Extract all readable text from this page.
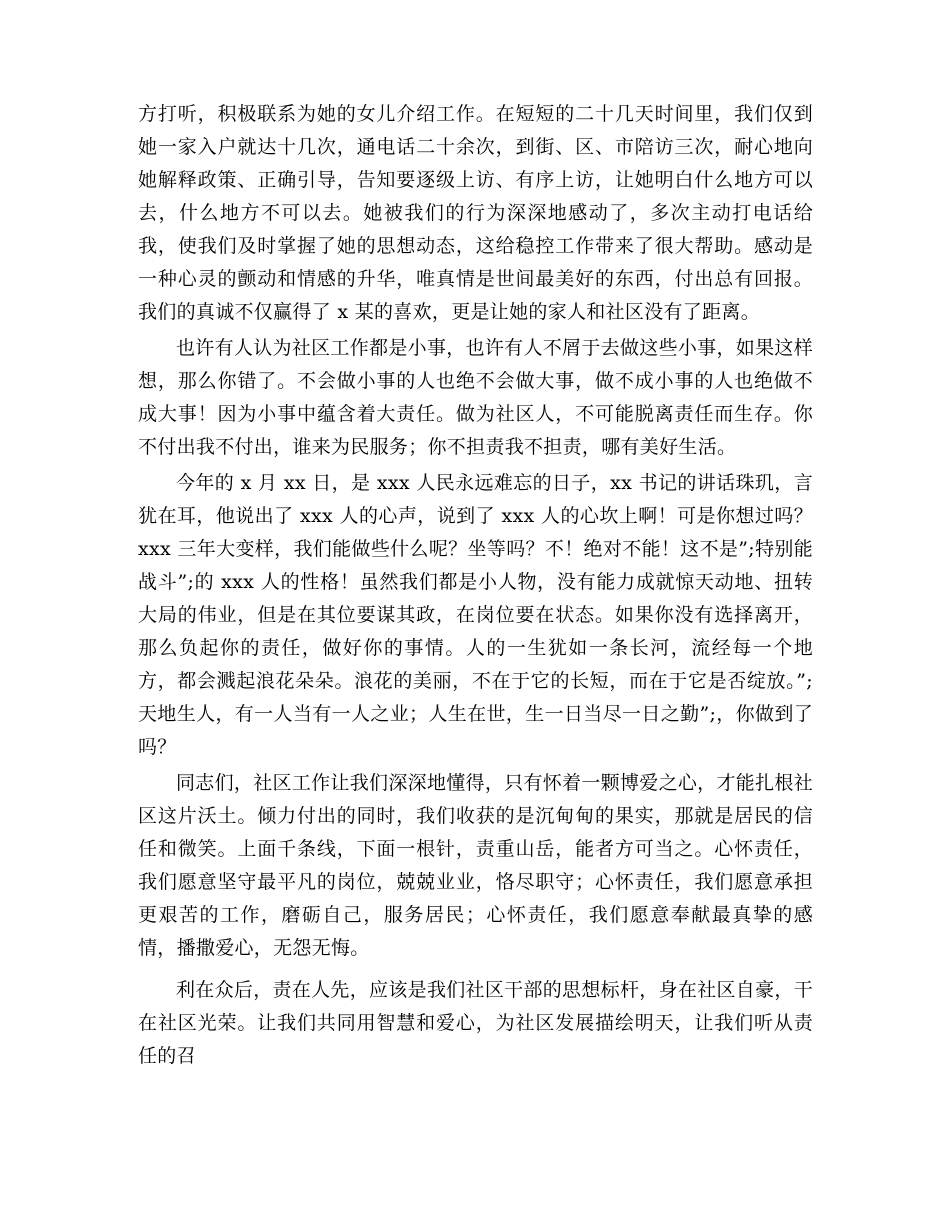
方打听，积极联系为她的女儿介绍工作。在短短的二十几天时间里，我们仅到她一家入户就达十几次，通电话二十余次，到街、区、市陪访三次，耐心地向她解释政策、正确引导，告知要逐级上访、有序上访，让她明白什么地方可以去，什么地方不可以去。她被我们的行为深深地感动了，多次主动打电话给我，使我们及时掌握了她的思想动态，这给稳控工作带来了很大帮助。感动是一种心灵的颤动和情感的升华，唯真情是世间最美好的东西，付出总有回报。我们的真诚不仅赢得了 x 某的喜欢，更是让她的家人和社区没有了距离。

也许有人认为社区工作都是小事，也许有人不屑于去做这些小事，如果这样想，那么你错了。不会做小事的人也绝不会做大事，做不成小事的人也绝做不成大事！因为小事中蕴含着大责任。做为社区人，不可能脱离责任而生存。你不付出我不付出，谁来为民服务；你不担责我不担责，哪有美好生活。

今年的 x 月 xx 日，是 xxx 人民永远难忘的日子，xx 书记的讲话珠玑，言犹在耳，他说出了 xxx 人的心声，说到了 xxx 人的心坎上啊！可是你想过吗？xxx 三年大变样，我们能做些什么呢？坐等吗？不！绝对不能！这不是”;特别能战斗”;的 xxx 人的性格！虽然我们都是小人物，没有能力成就惊天动地、扭转大局的伟业，但是在其位要谋其政，在岗位要在状态。如果你没有选择离开，那么负起你的责任，做好你的事情。人的一生犹如一条长河，流经每一个地方，都会溅起浪花朵朵。浪花的美丽，不在于它的长短，而在于它是否绽放。”;天地生人，有一人当有一人之业；人生在世，生一日当尽一日之勤”;，你做到了吗？

同志们，社区工作让我们深深地懂得，只有怀着一颗博爱之心，才能扎根社区这片沃土。倾力付出的同时，我们收获的是沉甸甸的果实，那就是居民的信任和微笑。上面千条线，下面一根针，责重山岳，能者方可当之。心怀责任，我们愿意坚守最平凡的岗位，兢兢业业，恪尽职守；心怀责任，我们愿意承担更艰苦的工作，磨砺自己，服务居民；心怀责任，我们愿意奉献最真挚的感情，播撒爱心，无怨无悔。

利在众后，责在人先，应该是我们社区干部的思想标杆，身在社区自豪，干在社区光荣。让我们共同用智慧和爱心，为社区发展描绘明天，让我们听从责任的召
